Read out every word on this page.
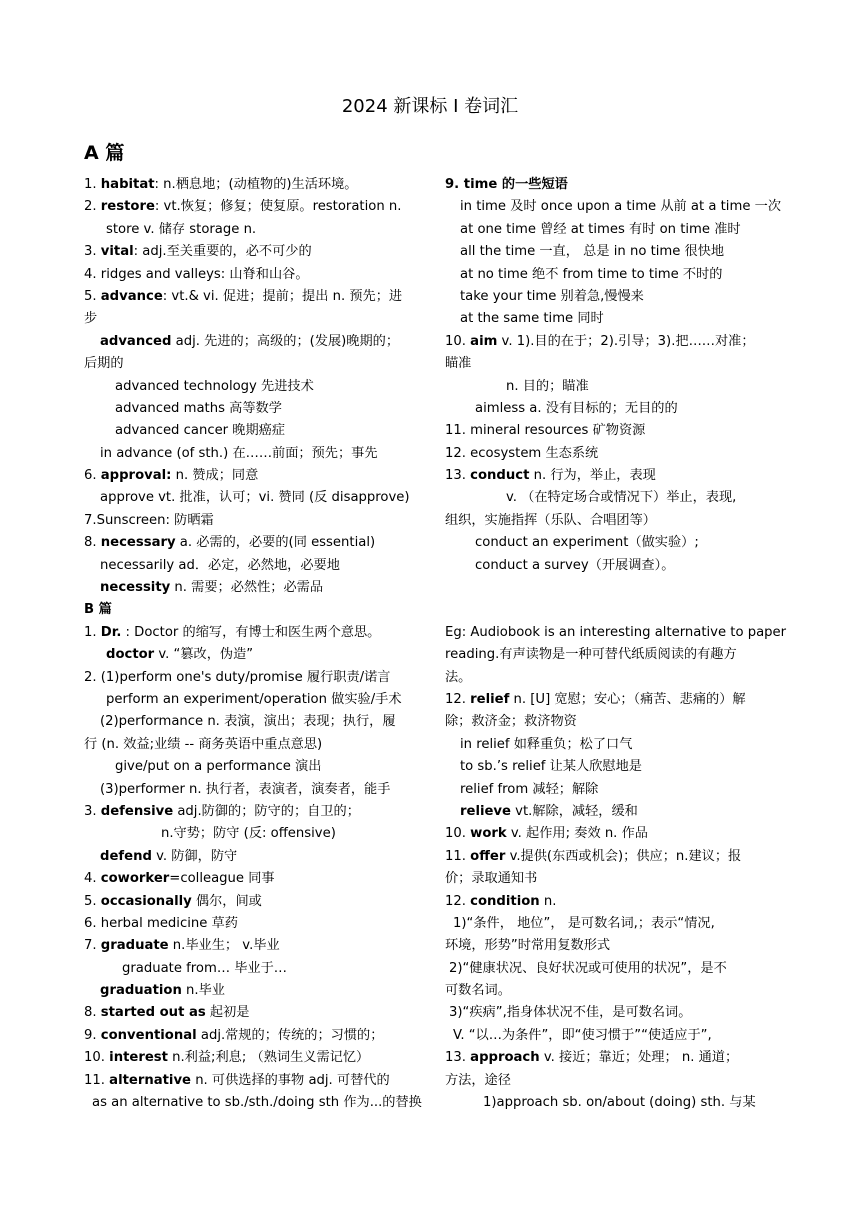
2024 新课标 I 卷词汇
A 篇
1. habitat: n.栖息地；(动植物的)生活环境。
2. restore: vt.恢复；修复；使复原。restoration n.
store v. 储存 storage n.
3. vital: adj.至关重要的，必不可少的
4. ridges and valleys: 山脊和山谷。
5. advance: vt.& vi. 促进；提前；提出 n. 预先；进
步
advanced adj. 先进的；高级的；(发展)晚期的；
后期的
advanced technology 先进技术
advanced maths 高等数学
advanced cancer 晚期癌症
in advance (of sth.) 在……前面；预先；事先
6. approval: n. 赞成；同意
approve vt. 批准，认可；vi. 赞同 (反 disapprove)
7.Sunscreen: 防晒霜
8. necessary a. 必需的，必要的(同 essential)
necessarily ad．必定，必然地，必要地
necessity n. 需要；必然性；必需品
B 篇
1. Dr. : Doctor 的缩写，有博士和医生两个意思。
doctor v. “篡改，伪造”
2. (1)perform one's duty/promise 履行职责/诺言
perform an experiment/operation 做实验/手术
(2)performance n. 表演，演出；表现；执行，履
行 (n. 效益;业绩 -- 商务英语中重点意思)
give/put on a performance 演出
(3)performer n. 执行者，表演者，演奏者，能手
3. defensive adj.防御的；防守的；自卫的；
n.守势；防守 (反: offensive)
defend v. 防御，防守
4. coworker=colleague 同事
5. occasionally 偶尔，间或
6. herbal medicine 草药
7. graduate n.毕业生； v.毕业
graduate from… 毕业于…
graduation n.毕业
8. started out as 起初是
9. conventional adj.常规的；传统的；习惯的；
10. interest n.利益;利息; （熟词生义需记忆）
11. alternative n. 可供选择的事物 adj. 可替代的
as an alternative to sb./sth./doing sth 作为...的替换
9. time 的一些短语
in time 及时 once upon a time 从前 at a time 一次
at one time 曾经 at times 有时 on time 准时
all the time 一直， 总是 in no time 很快地
at no time 绝不 from time to time 不时的
take your time 别着急,慢慢来
at the same time 同时
10. aim v. 1).目的在于；2).引导；3).把……对准；
瞄准
n. 目的；瞄准
aimless a. 没有目标的；无目的的
11. mineral resources 矿物资源
12. ecosystem 生态系统
13. conduct n. 行为，举止，表现
v. （在特定场合或情况下）举止，表现,
组织，实施指挥（乐队、合唱团等）
conduct an experiment（做实验）;
conduct a survey（开展调查）。
Eg: Audiobook is an interesting alternative to paper
reading.有声读物是一种可替代纸质阅读的有趣方
法。
12. relief n. [U] 宽慰；安心；（痛苦、悲痛的）解
除；救济金；救济物资
in relief 如释重负；松了口气
to sb.’s relief 让某人欣慰地是
relief from 减轻；解除
relieve vt.解除，减轻，缓和
10. work v. 起作用; 奏效 n. 作品
11. offer v.提供(东西或机会)；供应；n.建议；报
价；录取通知书
12. condition n.
1)“条件， 地位”， 是可数名词,；表示“情况,
环境，形势”时常用复数形式
2)“健康状况、良好状况或可使用的状况”，是不
可数名词。
3)“疾病”,指身体状况不佳，是可数名词。
V. “以…为条件”，即“使习惯于”“使适应于”,
13. approach v. 接近；靠近；处理； n. 通道；
方法，途径
1)approach sb. on/about (doing) sth. 与某
